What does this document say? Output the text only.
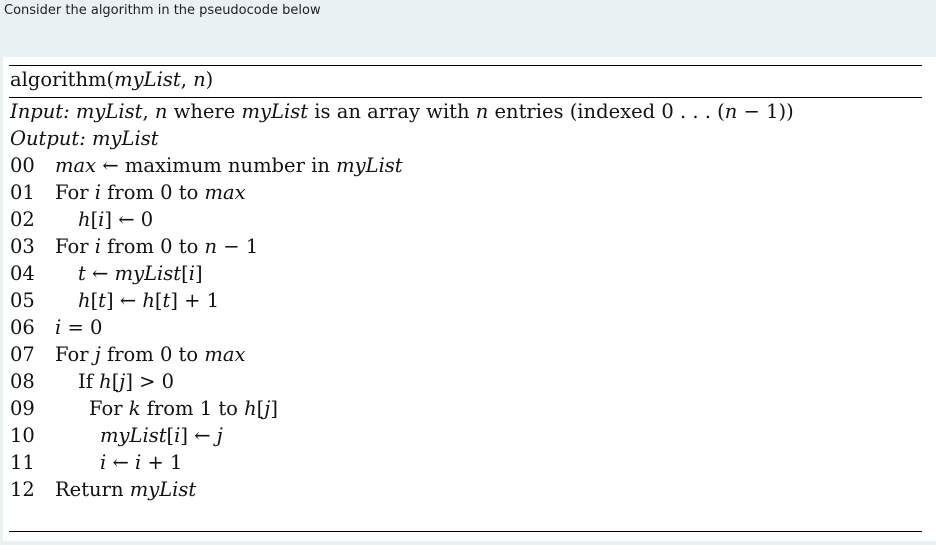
Consider the algorithm in the pseudocode below
algorithm(myList, n)
Input: myList, n where myList is an array with n entries (indexed 0 . . . (n − 1))
Output: myList
00 max ← maximum number in myList
01 For i from 0 to max
02 h[i] ← 0
03 For i from 0 to n − 1
04 t ← myList[i]
05 h[t] ← h[t] + 1
06 i = 0
07 For j from 0 to max
08 If h[j] > 0
09	For k from 1 to h[j]
10	myList[i] ← j
11	i ← i + 1
12 Return myList
